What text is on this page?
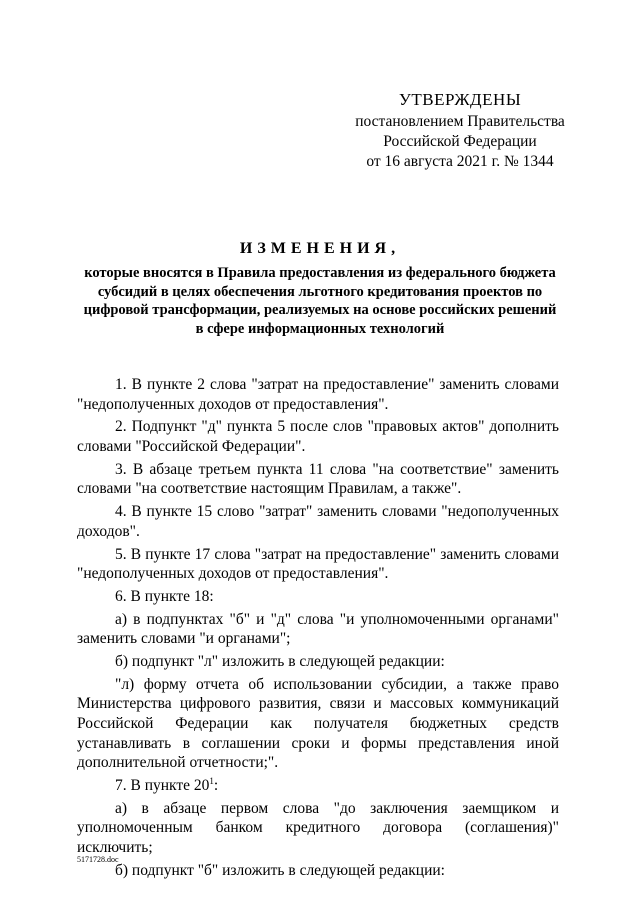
УТВЕРЖДЕНЫ
постановлением Правительства
Российской Федерации
от 16 августа 2021 г. № 1344
ИЗМЕНЕНИЯ,
которые вносятся в Правила предоставления из федерального бюджета субсидий в целях обеспечения льготного кредитования проектов по цифровой трансформации, реализуемых на основе российских решений в сфере информационных технологий

1. В пункте 2 слова "затрат на предоставление" заменить словами "недополученных доходов от предоставления".

2. Подпункт "д" пункта 5 после слов "правовых актов" дополнить словами "Российской Федерации".

3. В абзаце третьем пункта 11 слова "на соответствие" заменить словами "на соответствие настоящим Правилам, а также".

4. В пункте 15 слово "затрат" заменить словами "недополученных доходов".

5. В пункте 17 слова "затрат на предоставление" заменить словами "недополученных доходов от предоставления".

6. В пункте 18:

а) в подпунктах "б" и "д" слова "и уполномоченными органами" заменить словами "и органами";

б) подпункт "л" изложить в следующей редакции:

"л) форму отчета об использовании субсидии, а также право Министерства цифрового развития, связи и массовых коммуникаций Российской Федерации как получателя бюджетных средств устанавливать в соглашении сроки и формы представления иной дополнительной отчетности;".

7. В пункте $20^1$:

а) в абзаце первом слова "до заключения заемщиком и уполномоченным банком кредитного договора (соглашения)" исключить;

б) подпункт "б" изложить в следующей редакции:

5171728.doc
